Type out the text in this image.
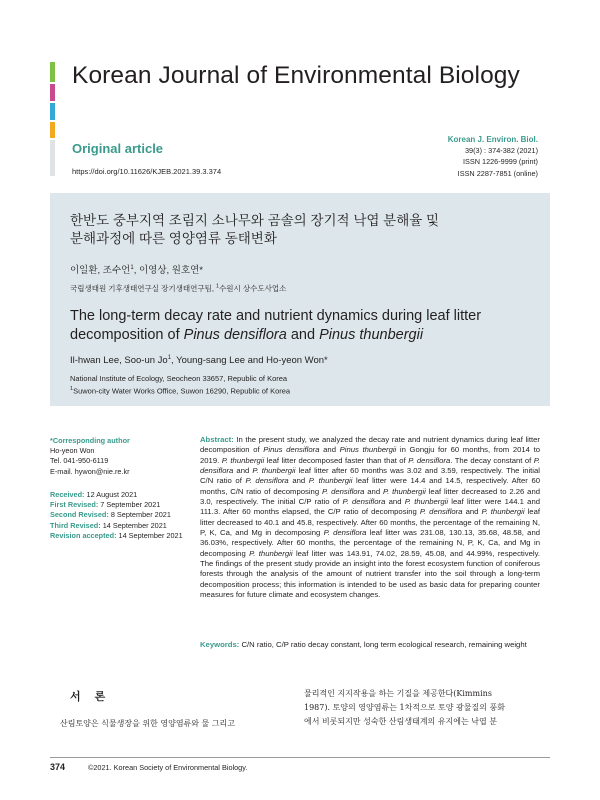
Korean Journal of Environmental Biology
Original article
https://doi.org/10.11626/KJEB.2021.39.3.374
Korean J. Environ. Biol.
39(3) : 374-382 (2021)
ISSN 1226-9999 (print)
ISSN 2287-7851 (online)
한반도 중부지역 조림지 소나무와 곰솔의 장기적 낙엽 분해율 및
분해과정에 따른 영양염류 동태변화
이일환, 조수언$^1$, 이영상, 원호연*
국립생태원 기후생태연구실 장기생태연구팀, $^1$수원시 상수도사업소
The long-term decay rate and nutrient dynamics during leaf litter
decomposition of Pinus densiflora and Pinus thunbergii
Il-hwan Lee, Soo-un Jo$^1$, Young-sang Lee and Ho-yeon Won*
National Institute of Ecology, Seocheon 33657, Republic of Korea
$^1$Suwon-city Water Works Office, Suwon 16290, Republic of Korea
*Corresponding author
Ho-yeon Won
Tel. 041-950-6119
E-mail. hywon@nie.re.kr
Received: 12 August 2021
First Revised: 7 September 2021
Second Revised: 8 September 2021
Third Revised: 14 September 2021
Revision accepted: 14 September 2021
Abstract: In the present study, we analyzed the decay rate and nutrient dynamics during leaf litter decomposition of Pinus densiflora and Pinus thunbergii in Gongju for 60 months, from 2014 to 2019. P. thunbergii leaf litter decomposed faster than that of P. densiflora. The decay constant of P. densiflora and P. thunbergii leaf litter after 60 months was 3.02 and 3.59, respectively. The initial C/N ratio of P. densiflora and P. thunbergii leaf litter were 14.4 and 14.5, respectively. After 60 months, C/N ratio of decomposing P. densiflora and P. thunbergii leaf litter decreased to 2.26 and 3.0, respectively. The initial C/P ratio of P. densiflora and P. thunbergii leaf litter were 144.1 and 111.3. After 60 months elapsed, the C/P ratio of decomposing P. densiflora and P. thunbergii leaf litter decreased to 40.1 and 45.8, respectively. After 60 months, the percentage of the remaining N, P, K, Ca, and Mg in decomposing P. densiflora leaf litter was 231.08, 130.13, 35.68, 48.58, and 36.03%, respectively. After 60 months, the percentage of the remaining N, P, K, Ca, and Mg in decomposing P. thunbergii leaf litter was 143.91, 74.02, 28.59, 45.08, and 44.99%, respectively. The findings of the present study provide an insight into the forest ecosystem function of coniferous forests through the analysis of the amount of nutrient transfer into the soil through a long-term decomposition process; this information is intended to be used as basic data for preparing counter measures for future climate and ecosystem changes.
Keywords: C/N ratio, C/P ratio decay constant, long term ecological research, remaining weight
서론
산림토양은 식물생장을 위한 영양염류와 물 그리고
물리적인 지지작용을 하는 기질을 제공한다(Kimmins
1987). 토양의 영양염류는 1차적으로 토양 광물질의 풍화
에서 비롯되지만 성숙한 산림생태계의 유지에는 낙엽 분
374	©2021. Korean Society of Environmental Biology.
